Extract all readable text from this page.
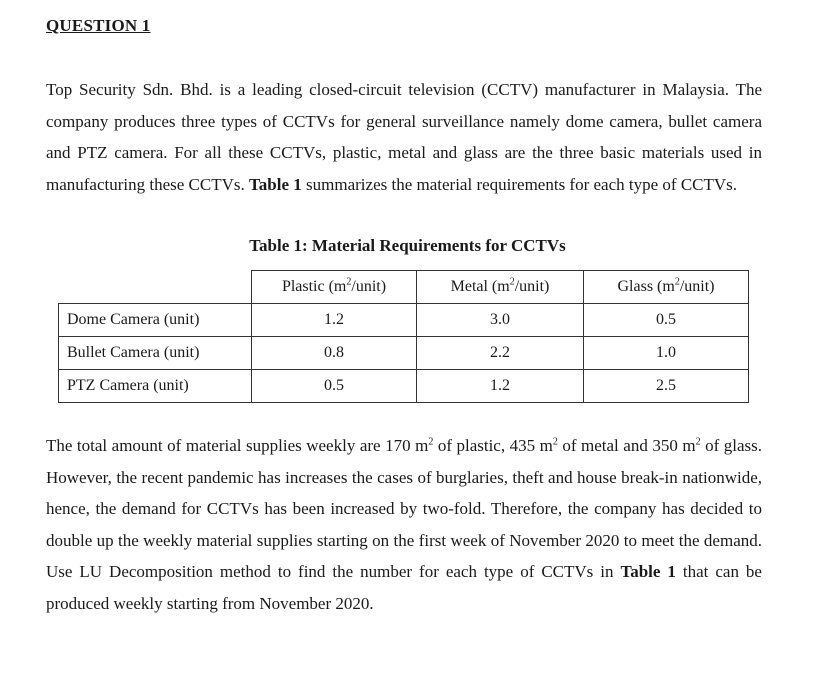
QUESTION 1

Top Security Sdn. Bhd. is a leading closed-circuit television (CCTV) manufacturer in Malaysia. The company produces three types of CCTVs for general surveillance namely dome camera, bullet camera and PTZ camera. For all these CCTVs, plastic, metal and glass are the three basic materials used in manufacturing these CCTVs. Table 1 summarizes the material requirements for each type of CCTVs.

Table 1: Material Requirements for CCTVs
	Plastic $(m^2/unit)$	Metal $(m^2/unit)$	Glass $(m^2/unit)$
Dome Camera (unit)	1.2	3.0	0.5
Bullet Camera (unit)	0.8	2.2	1.0
PTZ Camera (unit)	0.5	1.2	2.5

The total amount of material supplies weekly are 170 $m^2$ of plastic, 435 $m^2$ of metal and 350 $m^2$ of glass. However, the recent pandemic has increases the cases of burglaries, theft and house break-in nationwide, hence, the demand for CCTVs has been increased by two-fold. Therefore, the company has decided to double up the weekly material supplies starting on the first week of November 2020 to meet the demand. Use LU Decomposition method to find the number for each type of CCTVs in Table 1 that can be produced weekly starting from November 2020.
